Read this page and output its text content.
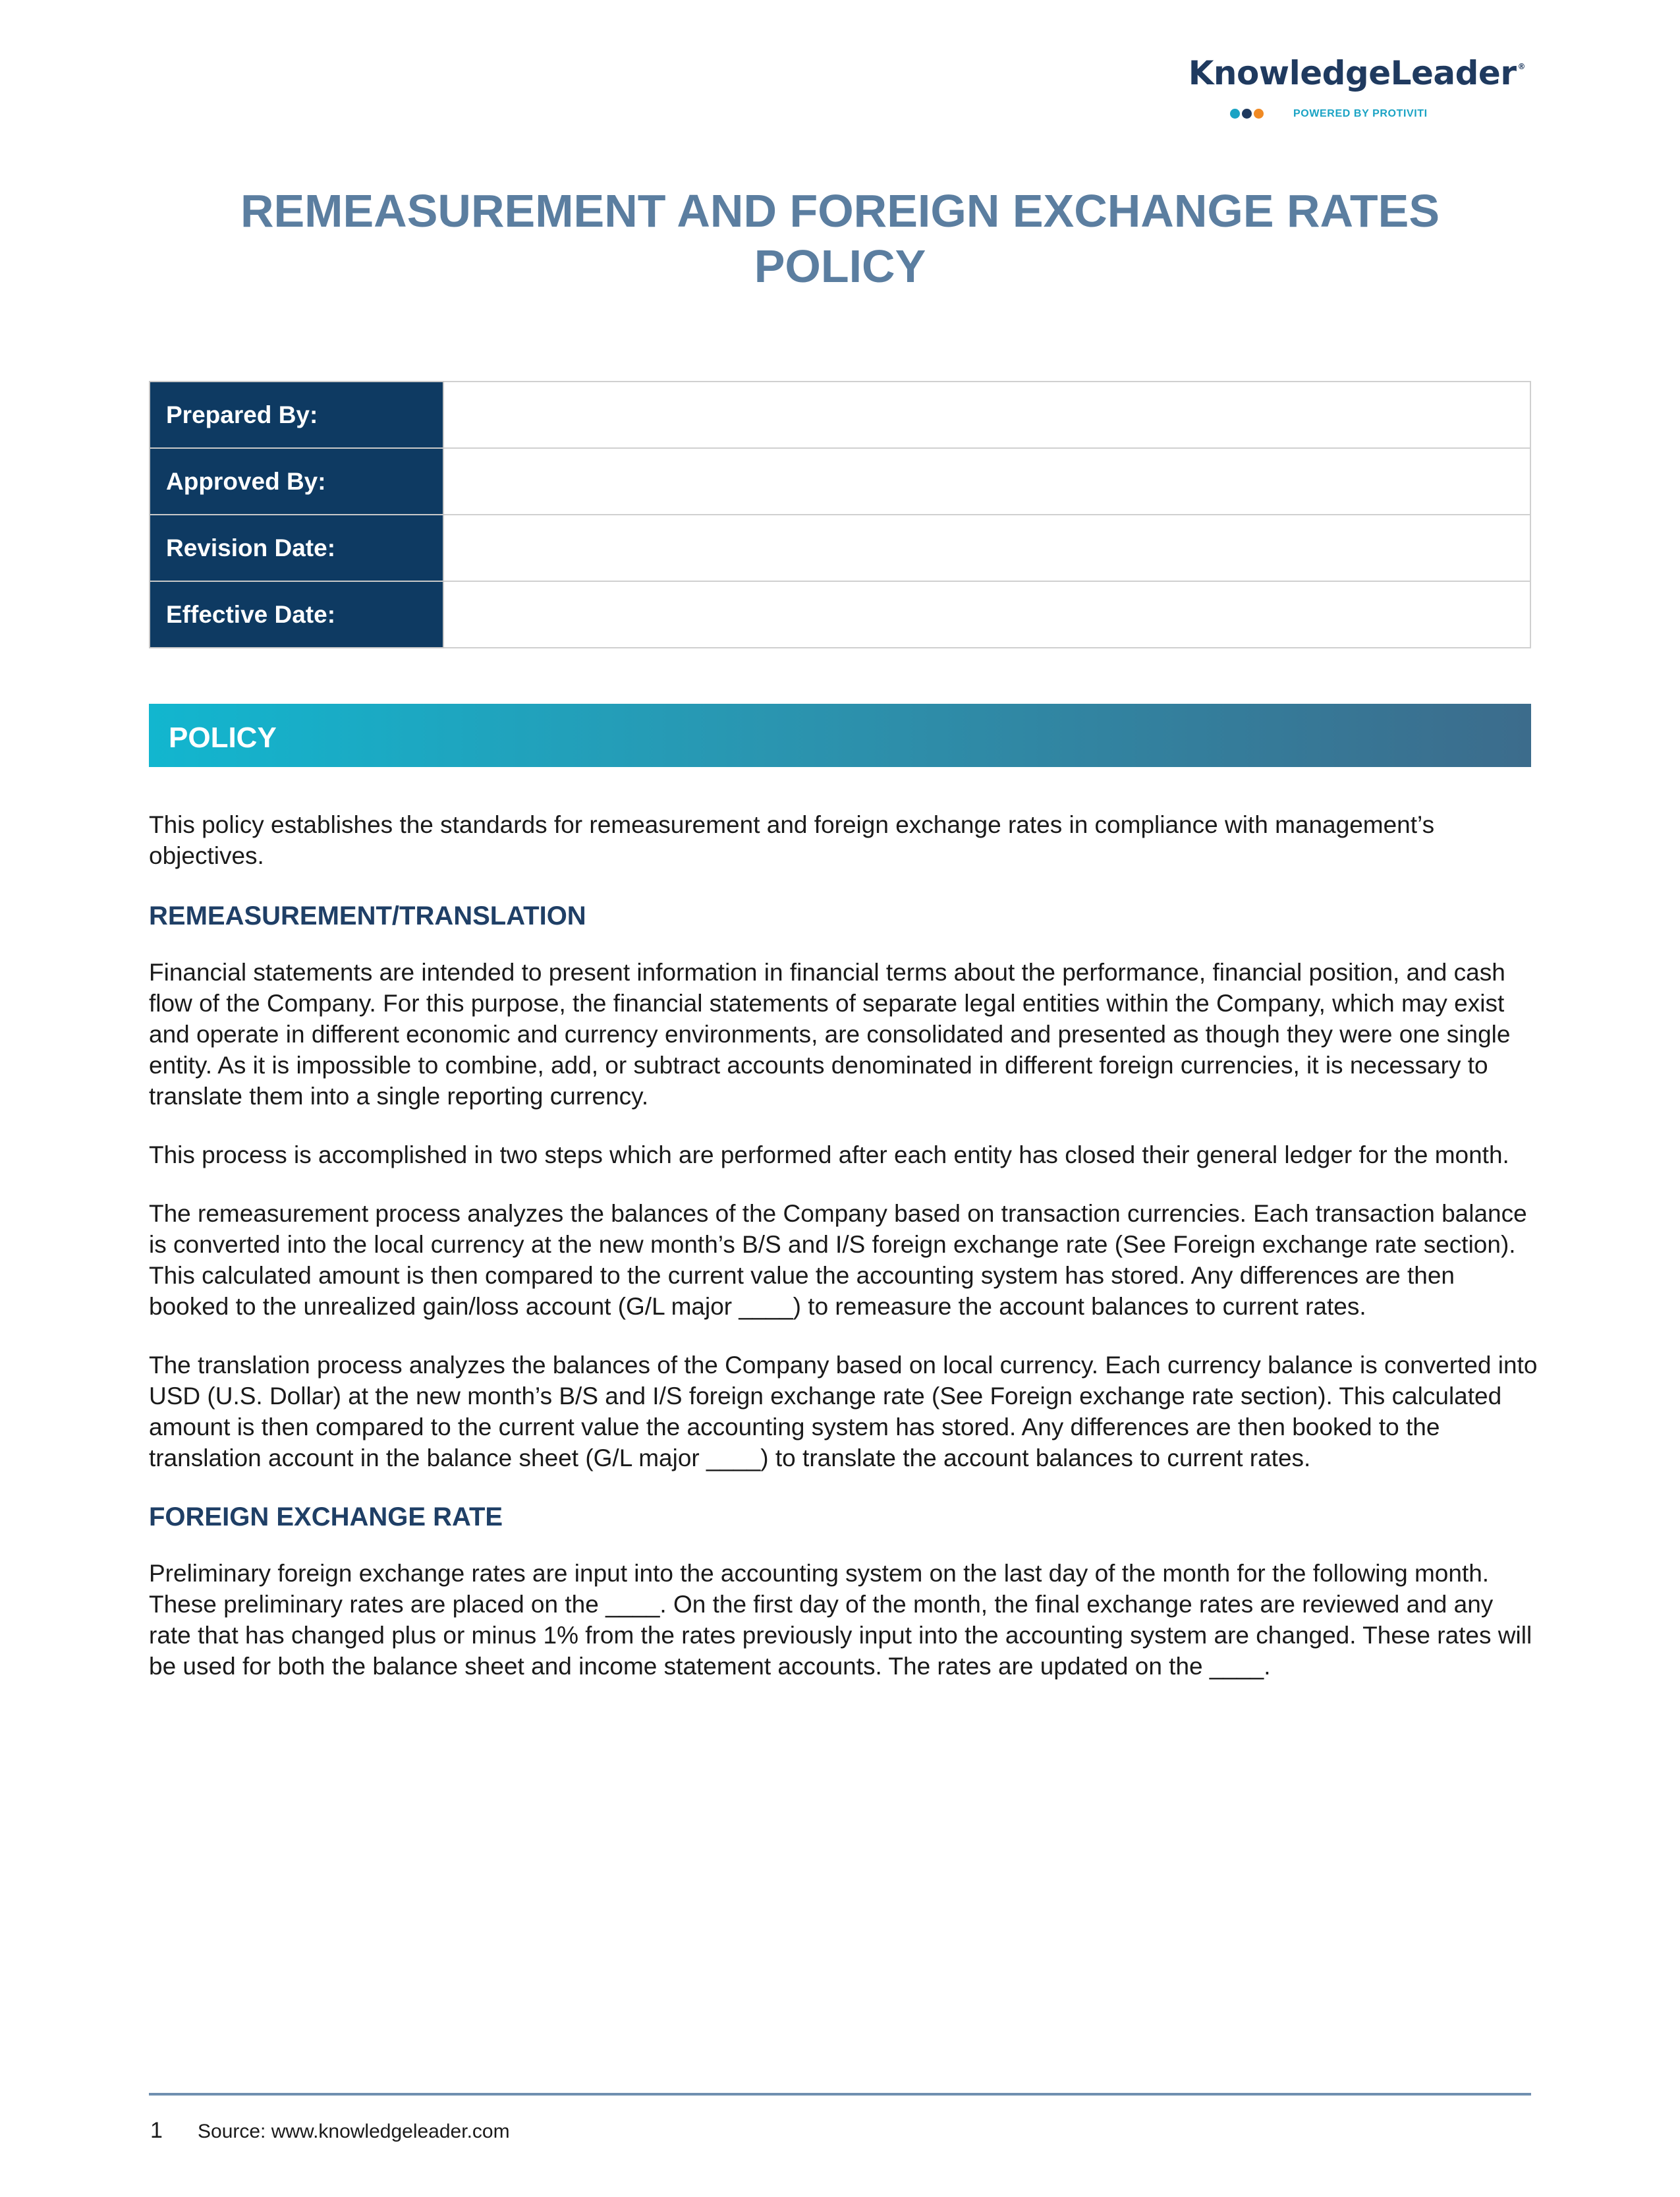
KnowledgeLeader ®
POWERED BY PROTIVITI
REMEASUREMENT AND FOREIGN EXCHANGE RATES
POLICY
Prepared By:	
Approved By:	
Revision Date:	
Effective Date:	
POLICY

This policy establishes the standards for remeasurement and foreign exchange rates in compliance with management’s objectives.

REMEASUREMENT/TRANSLATION

Financial statements are intended to present information in financial terms about the performance, financial position, and cash flow of the Company. For this purpose, the financial statements of separate legal entities within the Company, which may exist and operate in different economic and currency environments, are consolidated and presented as though they were one single entity. As it is impossible to combine, add, or subtract accounts denominated in different foreign currencies, it is necessary to translate them into a single reporting currency.

This process is accomplished in two steps which are performed after each entity has closed their general ledger for the month.

The remeasurement process analyzes the balances of the Company based on transaction currencies. Each transaction balance is converted into the local currency at the new month’s B/S and I/S foreign exchange rate (See Foreign exchange rate section). This calculated amount is then compared to the current value the accounting system has stored. Any differences are then booked to the unrealized gain/loss account (G/L major ____) to remeasure the account balances to current rates.

The translation process analyzes the balances of the Company based on local currency. Each currency balance is converted into USD (U.S. Dollar) at the new month’s B/S and I/S foreign exchange rate (See Foreign exchange rate section). This calculated amount is then compared to the current value the accounting system has stored. Any differences are then booked to the translation account in the balance sheet (G/L major ____) to translate the account balances to current rates.

FOREIGN EXCHANGE RATE

Preliminary foreign exchange rates are input into the accounting system on the last day of the month for the following month. These preliminary rates are placed on the ____. On the first day of the month, the final exchange rates are reviewed and any rate that has changed plus or minus 1% from the rates previously input into the accounting system are changed. These rates will be used for both the balance sheet and income statement accounts. The rates are updated on the ____.

1 Source: www.knowledgeleader.com
